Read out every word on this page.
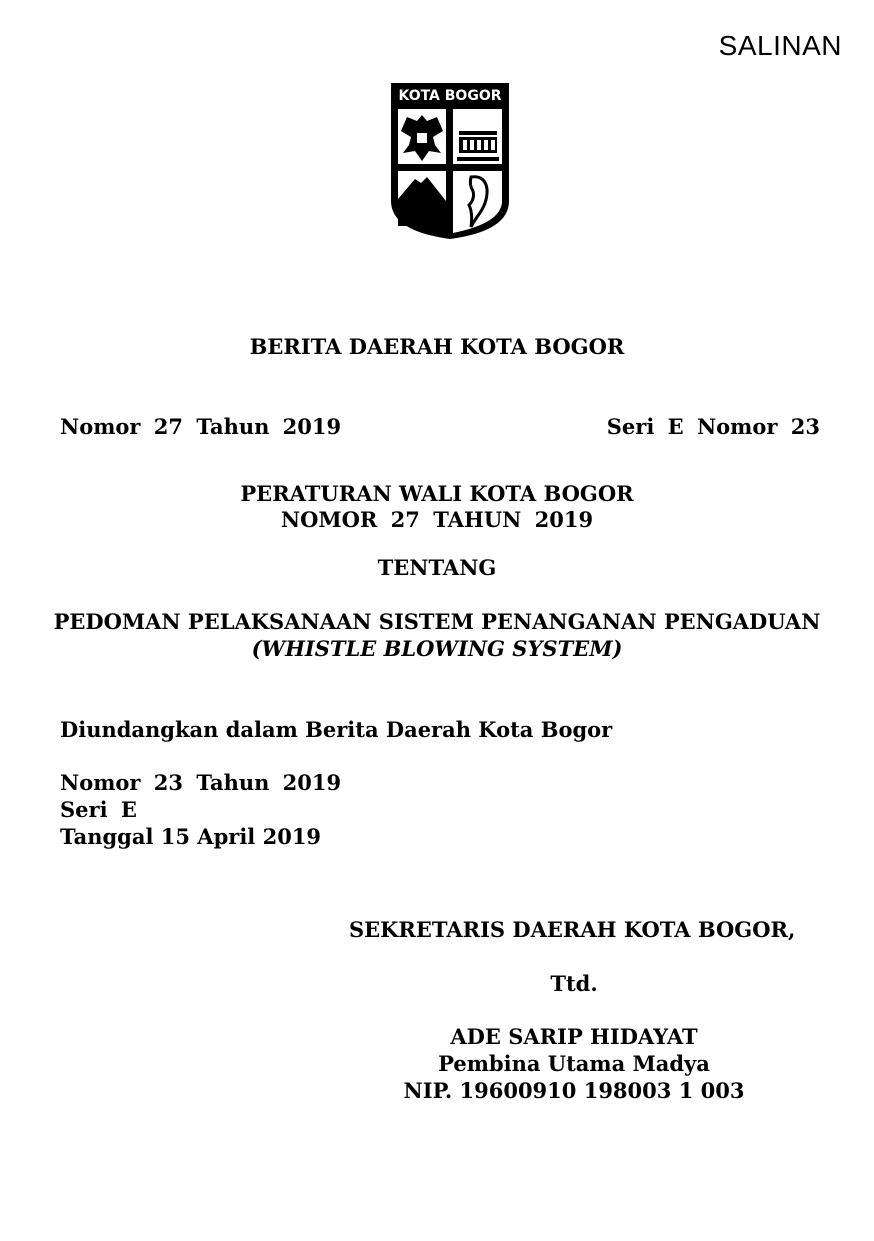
SALINAN
KOTA BOGOR
BERITA DAERAH KOTA BOGOR
Nomor 27 Tahun 2019	Seri E Nomor 23
PERATURAN WALI KOTA BOGOR
NOMOR 27 TAHUN 2019
TENTANG
PEDOMAN PELAKSANAAN SISTEM PENANGANAN PENGADUAN
(WHISTLE BLOWING SYSTEM)
Diundangkan dalam Berita Daerah Kota Bogor
Nomor 23 Tahun 2019
Seri E
Tanggal 15 April 2019
SEKRETARIS DAERAH KOTA BOGOR,
Ttd.
ADE SARIP HIDAYAT
Pembina Utama Madya
NIP. 19600910 198003 1 003
